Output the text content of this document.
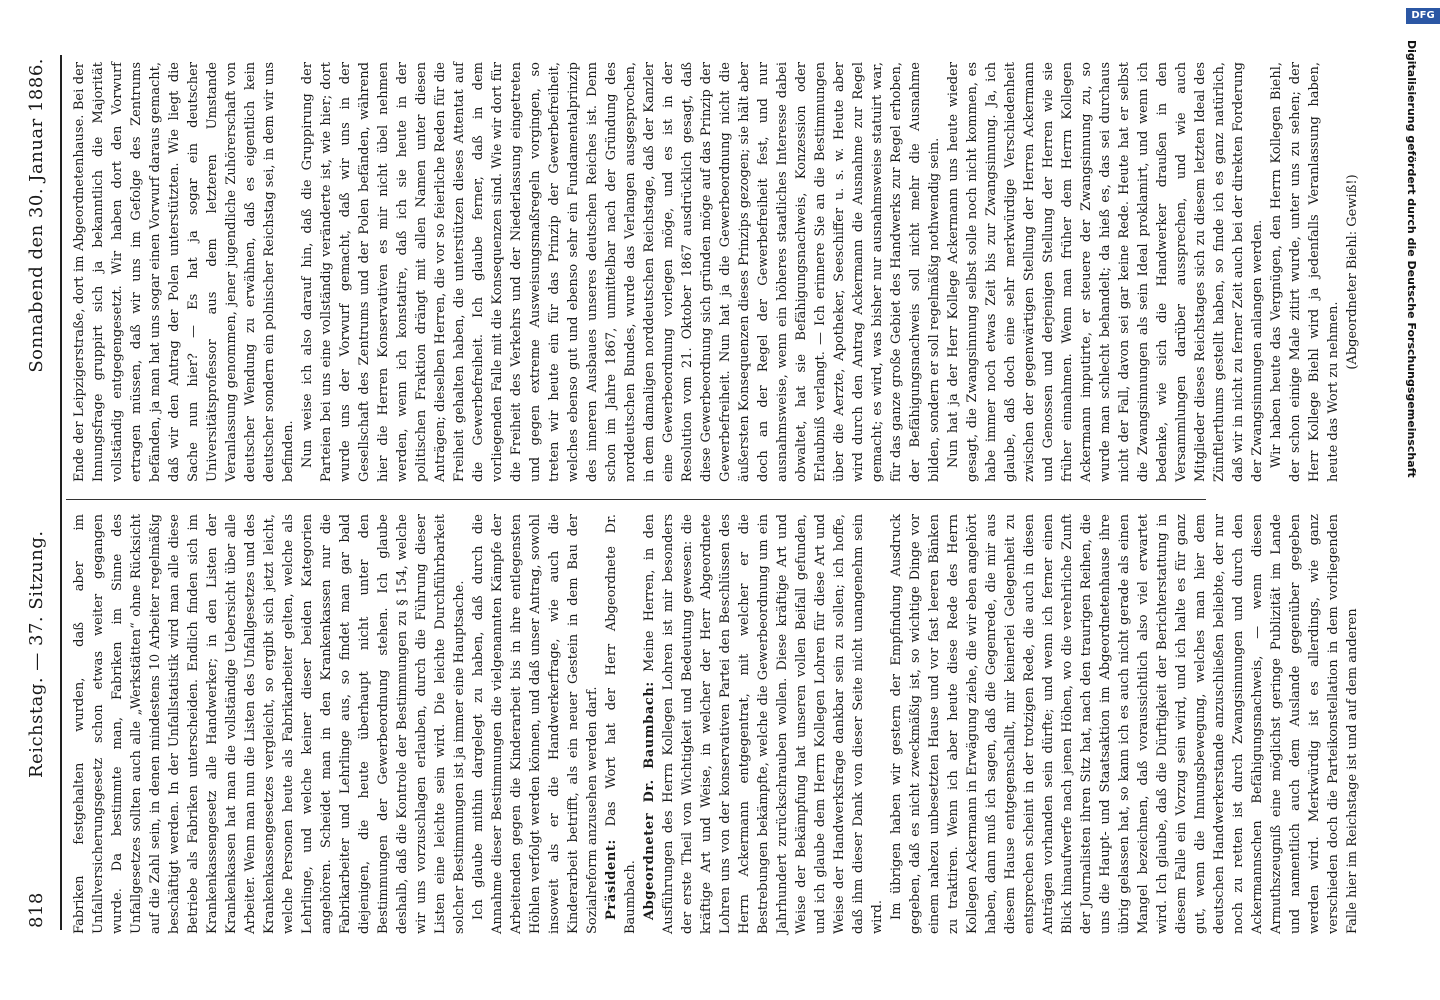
818
Reichstag. — 37. Sitzung.
Sonnabend den 30. Januar 1886.

Fabriken festgehalten wurden, daß aber im Unfallversicherungsgesetz schon etwas weiter gegangen wurde. Da bestimmte man, Fabriken im Sinne des Unfallgesetzes sollten auch alle „Werkstätten“ ohne Rücksicht auf die Zahl sein, in denen mindestens 10 Arbeiter regelmäßig beschäftigt werden. In der Unfallstatistik wird man alle diese Betriebe als Fabriken unterscheiden. Endlich finden sich im Krankenkassengesetz alle Handwerker; in den Listen der Krankenkassen hat man die vollständige Uebersicht über alle Arbeiter. Wenn man nun die Listen des Unfallgesetzes und des Krankenkassengesetzes vergleicht, so ergibt sich jetzt leicht, welche Personen heute als Fabrikarbeiter gelten, welche als Lehrlinge, und welche keiner dieser beiden Kategorien angehören. Scheidet man in den Krankenkassen nur die Fabrikarbeiter und Lehrlinge aus, so findet man gar bald diejenigen, die heute überhaupt nicht unter den Bestimmungen der Gewerbeordnung stehen. Ich glaube deshalb, daß die Kontrole der Bestimmungen zu § 154, welche wir uns vorzuschlagen erlauben, durch die Führung dieser Listen eine leichte sein wird. Die leichte Durchführbarkeit solcher Bestimmungen ist ja immer eine Hauptsache. Ich glaube mithin dargelegt zu haben, daß durch die Annahme dieser Bestimmungen die vielgenannten Kämpfe der Arbeitenden gegen die Kinderarbeit bis in ihre entlegensten Höhlen verfolgt werden können, und daß unser Antrag, sowohl insoweit als er die Handwerkerfrage, wie auch die Kinderarbeit betrifft, als ein neuer Gestein in dem Bau der Sozialreform anzusehen werden darf. Präsident: Das Wort hat der Herr Abgeordnete Dr. Baumbach. Abgeordneter Dr. Baumbach: Meine Herren, in den Ausführungen des Herrn Kollegen Lohren ist mir besonders der erste Theil von Wichtigkeit und Bedeutung gewesen: die kräftige Art und Weise, in welcher der Herr Abgeordnete Lohren uns von der konservativen Partei den Beschlüssen des Herrn Ackermann entgegentrat, mit welcher er die Bestrebungen bekämpfte, welche die Gewerbeordnung um ein Jahrhundert zurückschrauben wollen. Diese kräftige Art und Weise der Bekämpfung hat unseren vollen Beifall gefunden, und ich glaube dem Herrn Kollegen Lohren für diese Art und Weise der Handwerksfrage dankbar sein zu sollen; ich hoffe, daß ihm dieser Dank von dieser Seite nicht unangenehm sein wird. Im übrigen haben wir gestern der Empfindung Ausdruck gegeben, daß es nicht zweckmäßig ist, so wichtige Dinge vor einem nahezu unbesetzten Hause und vor fast leeren Bänken zu traktiren. Wenn ich aber heute diese Rede des Herrn Kollegen Ackermann in Erwägung ziehe, die wir eben angehört haben, dann muß ich sagen, daß die Gegenrede, die mir aus diesem Hause entgegenschallt, mir keinerlei Gelegenheit zu entsprechen scheint in der trotzigen Rede, die auch in diesen Anträgen vorhanden sein dürfte; und wenn ich ferner einen Blick hinaufwerfe nach jenen Höhen, wo die verehrliche Zunft der Journalisten ihren Sitz hat, nach den traurigen Reihen, die uns die Haupt- und Staatsaktion im Abgeordnetenhause ihre übrig gelassen hat, so kann ich es auch nicht gerade als einen Mangel bezeichnen, daß voraussichtlich also viel erwartet wird. Ich glaube, daß die Dürftigkeit der Berichterstattung in diesem Falle ein Vorzug sein wird, und ich halte es für ganz gut, wenn die Innungsbewegung, welches man hier dem deutschen Handwerkerstande anzuschließen beliebte, der nur noch zu retten ist durch Zwangsinnungen und durch den Ackermannschen Befähigungsnachweis, — wenn diesen Armuthszeugniß eine möglichst geringe Publizität im Lande und namentlich auch dem Auslande gegenüber gegeben werden wird. Merkwürdig ist es allerdings, wie ganz verschieden doch die Parteikonstellation in dem vorliegenden Falle hier im Reichstage ist und auf dem anderen

Ende der Leipzigerstraße, dort im Abgeordnetenhause. Bei der Innungsfrage gruppirt sich ja bekanntlich die Majorität vollständig entgegengesetzt. Wir haben dort den Vorwurf ertragen müssen, daß wir uns im Gefolge des Zentrums befänden, ja man hat uns sogar einen Vorwurf daraus gemacht, daß wir den Antrag der Polen unterstützten. Wie liegt die Sache nun hier? — Es hat ja sogar ein deutscher Universitätsprofessor aus dem letzteren Umstande Veranlassung genommen, jener jugendliche Zuhörerschaft von deutscher Wendung zu erwähnen, daß es eigentlich kein deutscher sondern ein polnischer Reichstag sei, in dem wir uns befinden. Nun weise ich also darauf hin, daß die Gruppirung der Parteien bei uns eine vollständig veränderte ist, wie hier; dort wurde uns der Vorwurf gemacht, daß wir uns in der Gesellschaft des Zentrums und der Polen befänden, während hier die Herren Konservativen es mir nicht übel nehmen werden, wenn ich konstatire, daß ich sie heute in der politischen Fraktion drängt mit allen Namen unter diesen Anträgen; dieselben Herren, die vor so feierliche Reden für die Freiheit gehalten haben, die unterstützen dieses Attentat auf die Gewerbefreiheit. Ich glaube ferner, daß in dem vorliegenden Falle mit die Konsequenzen sind. Wie wir dort für die Freiheit des Verkehrs und der Niederlassung eingetreten und gegen extreme Ausweisungsmaßregeln vorgingen, so treten wir heute ein für das Prinzip der Gewerbefreiheit, welches ebenso gut und ebenso sehr ein Fundamentalprinzip des inneren Ausbaues unseres deutschen Reiches ist. Denn schon im Jahre 1867, unmittelbar nach der Gründung des norddeutschen Bundes, wurde das Verlangen ausgesprochen, in dem damaligen norddeutschen Reichstage, daß der Kanzler eine Gewerbeordnung vorlegen möge, und es ist in der Resolution vom 21. Oktober 1867 ausdrücklich gesagt, daß diese Gewerbeordnung sich gründen möge auf das Prinzip der Gewerbefreiheit. Nun hat ja die Gewerbeordnung nicht die äußersten Konsequenzen dieses Prinzips gezogen; sie hält aber doch an der Regel der Gewerbefreiheit fest, und nur ausnahmsweise, wenn ein höheres staatliches Interesse dabei obwaltet, hat sie Befähigungsnachweis, Konzession oder Erlaubniß verlangt. — Ich erinnere Sie an die Bestimmungen über die Aerzte, Apotheker, Seeschiffer u. s. w. Heute aber wird durch den Antrag Ackermann die Ausnahme zur Regel gemacht; es wird, was bisher nur ausnahmsweise statuirt war, für das ganze große Gebiet des Handwerks zur Regel erhoben, der Befähigungsnachweis soll nicht mehr die Ausnahme bilden, sondern er soll regelmäßig nothwendig sein. Nun hat ja der Herr Kollege Ackermann uns heute wieder gesagt, die Zwangsinnung selbst solle noch nicht kommen, es habe immer noch etwas Zeit bis zur Zwangsinnung. Ja, ich glaube, daß doch eine sehr merkwürdige Verschiedenheit zwischen der gegenwärtigen Stellung der Herren Ackermann und Genossen und derjenigen Stellung der Herren wie sie früher einnahmen. Wenn man früher dem Herrn Kollegen Ackermann imputirte, er steuere der Zwangsinnung zu, so wurde man schlecht behandelt; da hieß es, das sei durchaus nicht der Fall, davon sei gar keine Rede. Heute hat er selbst die Zwangsinnungen als sein Ideal proklamirt, und wenn ich bedenke, wie sich die Handwerker draußen in den Versammlungen darüber aussprechen, und wie auch Mitglieder dieses Reichstages sich zu diesem letzten Ideal des Zünftlerthums gestellt haben, so finde ich es ganz natürlich, daß wir in nicht zu ferner Zeit auch bei der direkten Forderung der Zwangsinnungen anlangen werden. Wir haben heute das Vergnügen, den Herrn Kollegen Biehl, der schon einige Male zitirt wurde, unter uns zu sehen; der Herr Kollege Biehl wird ja jedenfalls Veranlassung haben, heute das Wort zu nehmen.

(Abgeordneter Biehl: Gewiß!)	Digitalisierung gefördert durch die Deutsche Forschungsgemeinschaft
DFG
